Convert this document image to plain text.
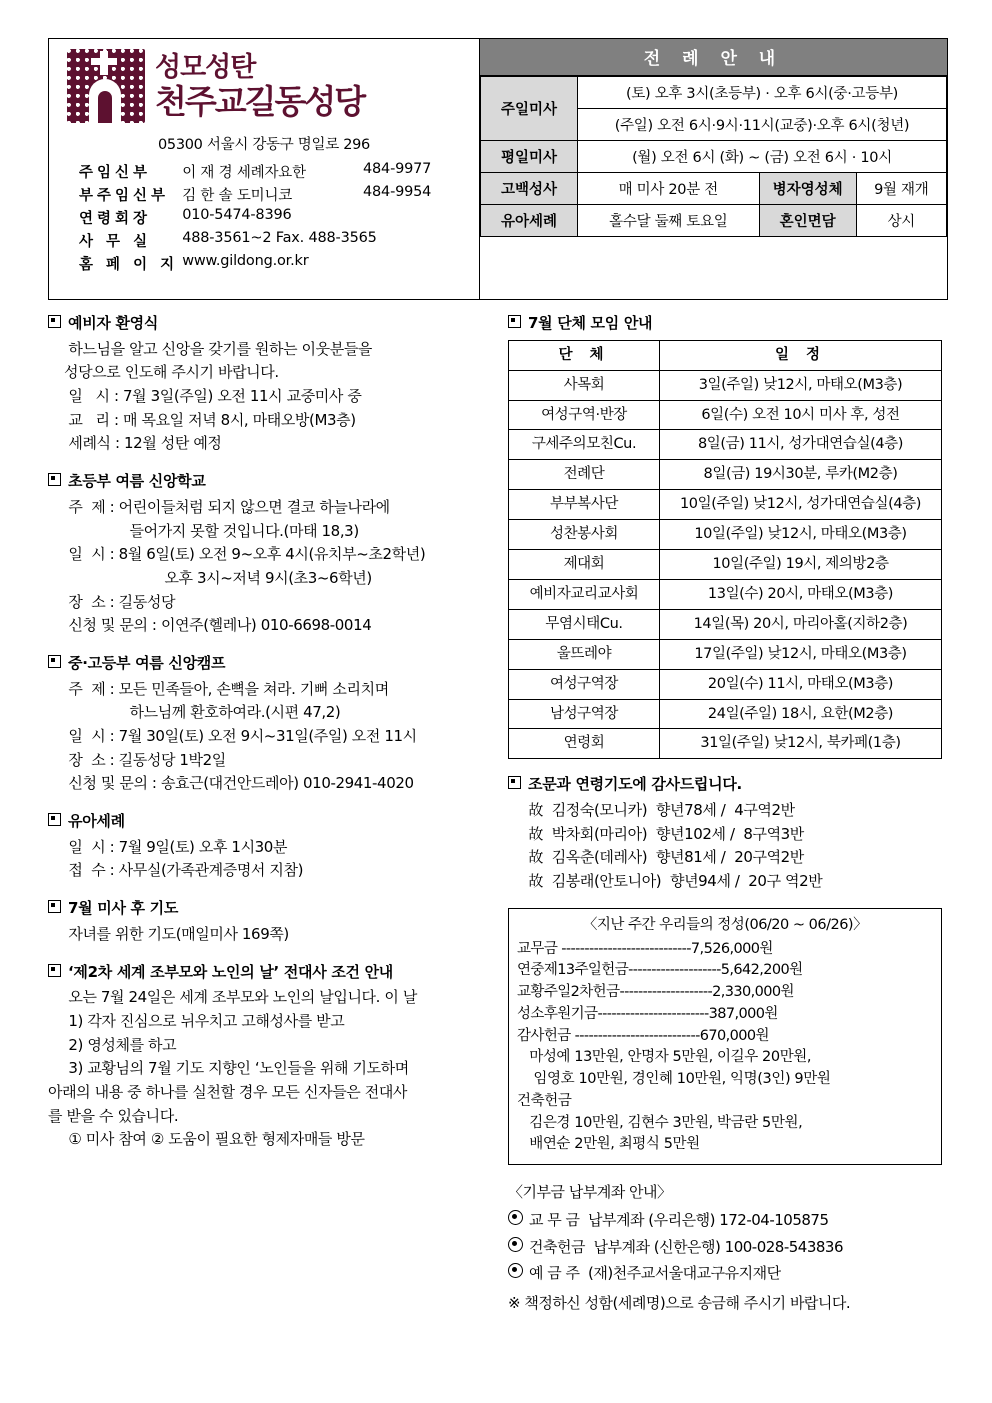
성모성탄
천주교길동성당
05300 서울시 강동구 명일로 296
주임신부	이 재 경 세례자요한	484-9977
부주임신부	김 한 솔 도미니코	484-9954
연령회장	010-5474-8396	
사 무 실	488-3561~2 Fax. 488-3565	
홈 페 이 지	www.gildong.or.kr	
전 례 안 내
주일미사	(토) 오후 3시(초등부) · 오후 6시(중·고등부)		
	(주일) 오전 6시·9시·11시(교중)·오후 6시(청년)		
평일미사	(월) 오전 6시 (화) ~ (금) 오전 6시 · 10시		
고백성사	매 미사 20분 전	병자영성체	9월 재개
유아세례	홀수달 둘째 토요일	혼인면담	상시
예비자 환영식
하느님을 알고 신앙을 갖기를 원하는 이웃분들을
성당으로 인도해 주시기 바랍니다.
일   시 : 7월 3일(주일) 오전 11시 교중미사 중
교   리 : 매 목요일 저녁 8시, 마태오방(M3층)
세례식 : 12월 성탄 예정
초등부 여름 신앙학교
주  제 : 어린이들처럼 되지 않으면 결코 하늘나라에
들어가지 못할 것입니다.(마태 18,3)
일  시 : 8월 6일(토) 오전 9~오후 4시(유치부~초2학년)
오후 3시~저녁 9시(초3~6학년)
장  소 : 길동성당
신청 및 문의 : 이연주(헬레나) 010-6698-0014
중·고등부 여름 신앙캠프
주  제 : 모든 민족들아, 손뼉을 쳐라. 기뻐 소리치며
하느님께 환호하여라.(시편 47,2)
일  시 : 7월 30일(토) 오전 9시~31일(주일) 오전 11시
장  소 : 길동성당 1박2일
신청 및 문의 : 송효근(대건안드레아) 010-2941-4020
유아세례
일  시 : 7월 9일(토) 오후 1시30분
접  수 : 사무실(가족관계증명서 지참)
7월 미사 후 기도
자녀를 위한 기도(매일미사 169쪽)
‘제2차 세계 조부모와 노인의 날’ 전대사 조건 안내
오는 7월 24일은 세계 조부모와 노인의 날입니다. 이 날
1) 각자 진심으로 뉘우치고 고해성사를 받고
2) 영성체를 하고
3) 교황님의 7월 기도 지향인 ‘노인들을 위해 기도하며
아래의 내용 중 하나를 실천할 경우 모든 신자들은 전대사
를 받을 수 있습니다.
① 미사 참여 ② 도움이 필요한 형제자매들 방문
7월 단체 모임 안내
단 체	일 정
사목회	3일(주일) 낮12시, 마태오(M3층)
여성구역·반장	6일(수) 오전 10시 미사 후, 성전
구세주의모친Cu.	8일(금) 11시, 성가대연습실(4층)
전례단	8일(금) 19시30분, 루카(M2층)
부부복사단	10일(주일) 낮12시, 성가대연습실(4층)
성찬봉사회	10일(주일) 낮12시, 마태오(M3층)
제대회	10일(주일) 19시, 제의방2층
예비자교리교사회	13일(수) 20시, 마태오(M3층)
무염시태Cu.	14일(목) 20시, 마리아홀(지하2층)
울뜨레야	17일(주일) 낮12시, 마태오(M3층)
여성구역장	20일(수) 11시, 마태오(M3층)
남성구역장	24일(주일) 18시, 요한(M2층)
연령회	31일(주일) 낮12시, 북카페(1층)
조문과 연령기도에 감사드립니다.
故  김정숙(모니카)  향년78세 /  4구역2반
故  박차회(마리아)  향년102세 /  8구역3반
故  김옥춘(데레사)  향년81세 /  20구역2반
故  김봉래(안토니아)  향년94세 /  20구 역2반
〈지난 주간 우리들의 정성(06/20 ~ 06/26)〉
교무금 ----------------------------7,526,000원
연중제13주일헌금--------------------5,642,200원
교황주일2차헌금--------------------2,330,000원
성소후원기금------------------------387,000원
감사헌금 ---------------------------670,000원
마성예 13만원, 안명자 5만원, 이길우 20만원,
임영호 10만원, 경인혜 10만원, 익명(3인) 9만원
건축헌금
김은경 10만원, 김현수 3만원, 박금란 5만원,
배연순 2만원, 최평식 5만원
〈기부금 납부계좌 안내〉
교 무 금  납부계좌 (우리은행) 172-04-105875
건축헌금  납부계좌 (신한은행) 100-028-543836
예 금 주  (재)천주교서울대교구유지재단
※ 책정하신 성함(세례명)으로 송금해 주시기 바랍니다.
